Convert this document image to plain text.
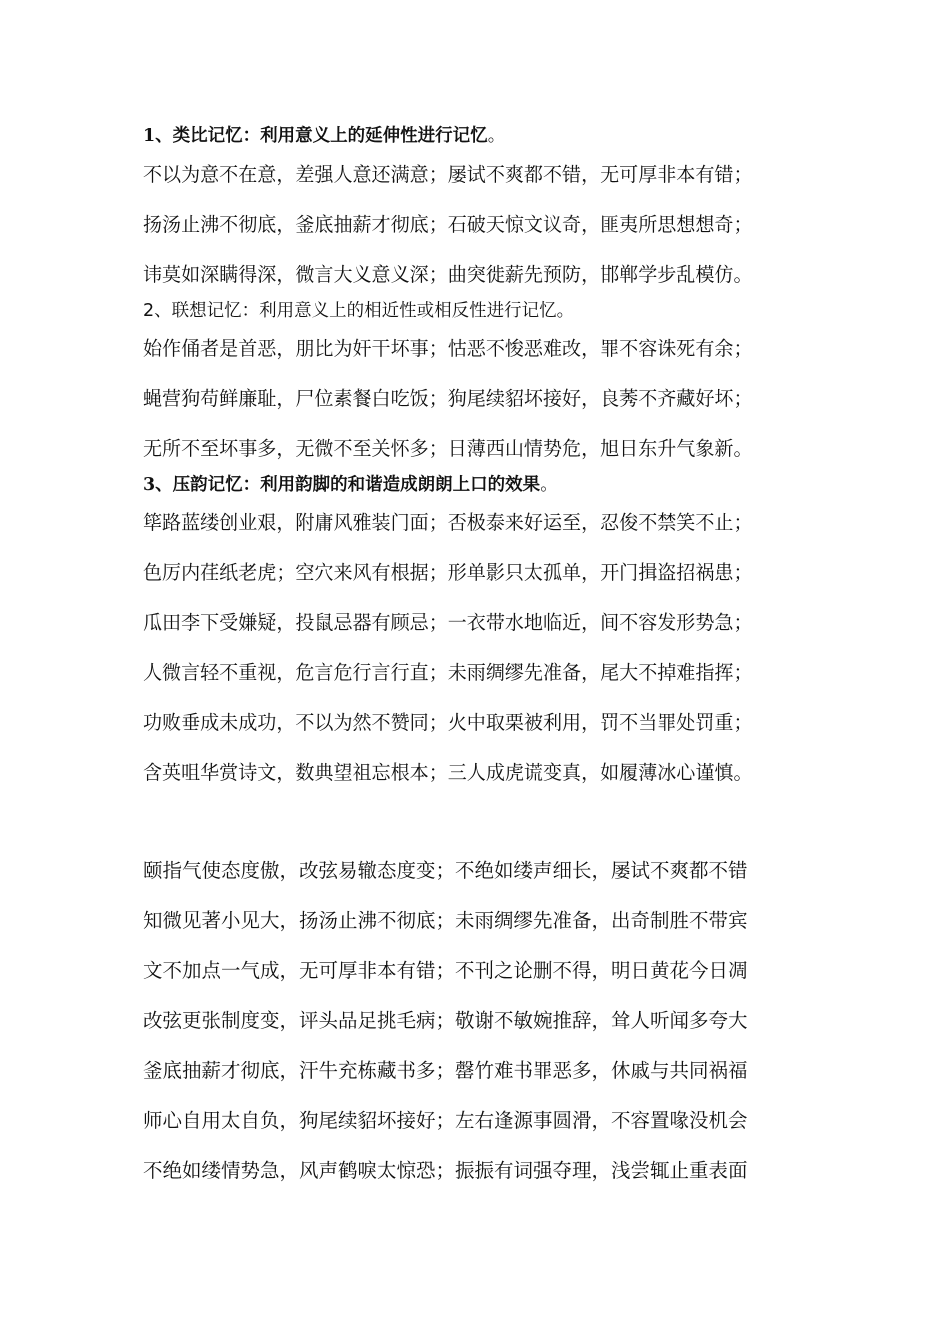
1、类比记忆：利用意义上的延伸性进行记忆。
不以为意不在意，差强人意还满意；屡试不爽都不错，无可厚非本有错；
扬汤止沸不彻底，釜底抽薪才彻底；石破天惊文议奇，匪夷所思想想奇；
讳莫如深瞒得深，微言大义意义深；曲突徙薪先预防，邯郸学步乱模仿。
2、联想记忆：利用意义上的相近性或相反性进行记忆。
始作俑者是首恶，朋比为奸干坏事；怙恶不悛恶难改，罪不容诛死有余；
蝇营狗苟鲜廉耻，尸位素餐白吃饭；狗尾续貂坏接好，良莠不齐藏好坏；
无所不至坏事多，无微不至关怀多；日薄西山情势危，旭日东升气象新。
3、压韵记忆：利用韵脚的和谐造成朗朗上口的效果。
筚路蓝缕创业艰，附庸风雅装门面；否极泰来好运至，忍俊不禁笑不止；
色厉内荏纸老虎；空穴来风有根据；形单影只太孤单，开门揖盗招祸患；
瓜田李下受嫌疑，投鼠忌器有顾忌；一衣带水地临近，间不容发形势急；
人微言轻不重视，危言危行言行直；未雨绸缪先准备，尾大不掉难指挥；
功败垂成未成功，不以为然不赞同；火中取栗被利用，罚不当罪处罚重；
含英咀华赏诗文，数典望祖忘根本；三人成虎谎变真，如履薄冰心谨慎。
颐指气使态度傲，改弦易辙态度变；不绝如缕声细长，屡试不爽都不错
知微见著小见大，扬汤止沸不彻底；未雨绸缪先准备，出奇制胜不带宾
文不加点一气成，无可厚非本有错；不刊之论删不得，明日黄花今日凋
改弦更张制度变，评头品足挑毛病；敬谢不敏婉推辞，耸人听闻多夸大
釜底抽薪才彻底，汗牛充栋藏书多；罄竹难书罪恶多，休戚与共同祸福
师心自用太自负，狗尾续貂坏接好；左右逢源事圆滑，不容置喙没机会
不绝如缕情势急，风声鹤唳太惊恐；振振有词强夺理，浅尝辄止重表面
